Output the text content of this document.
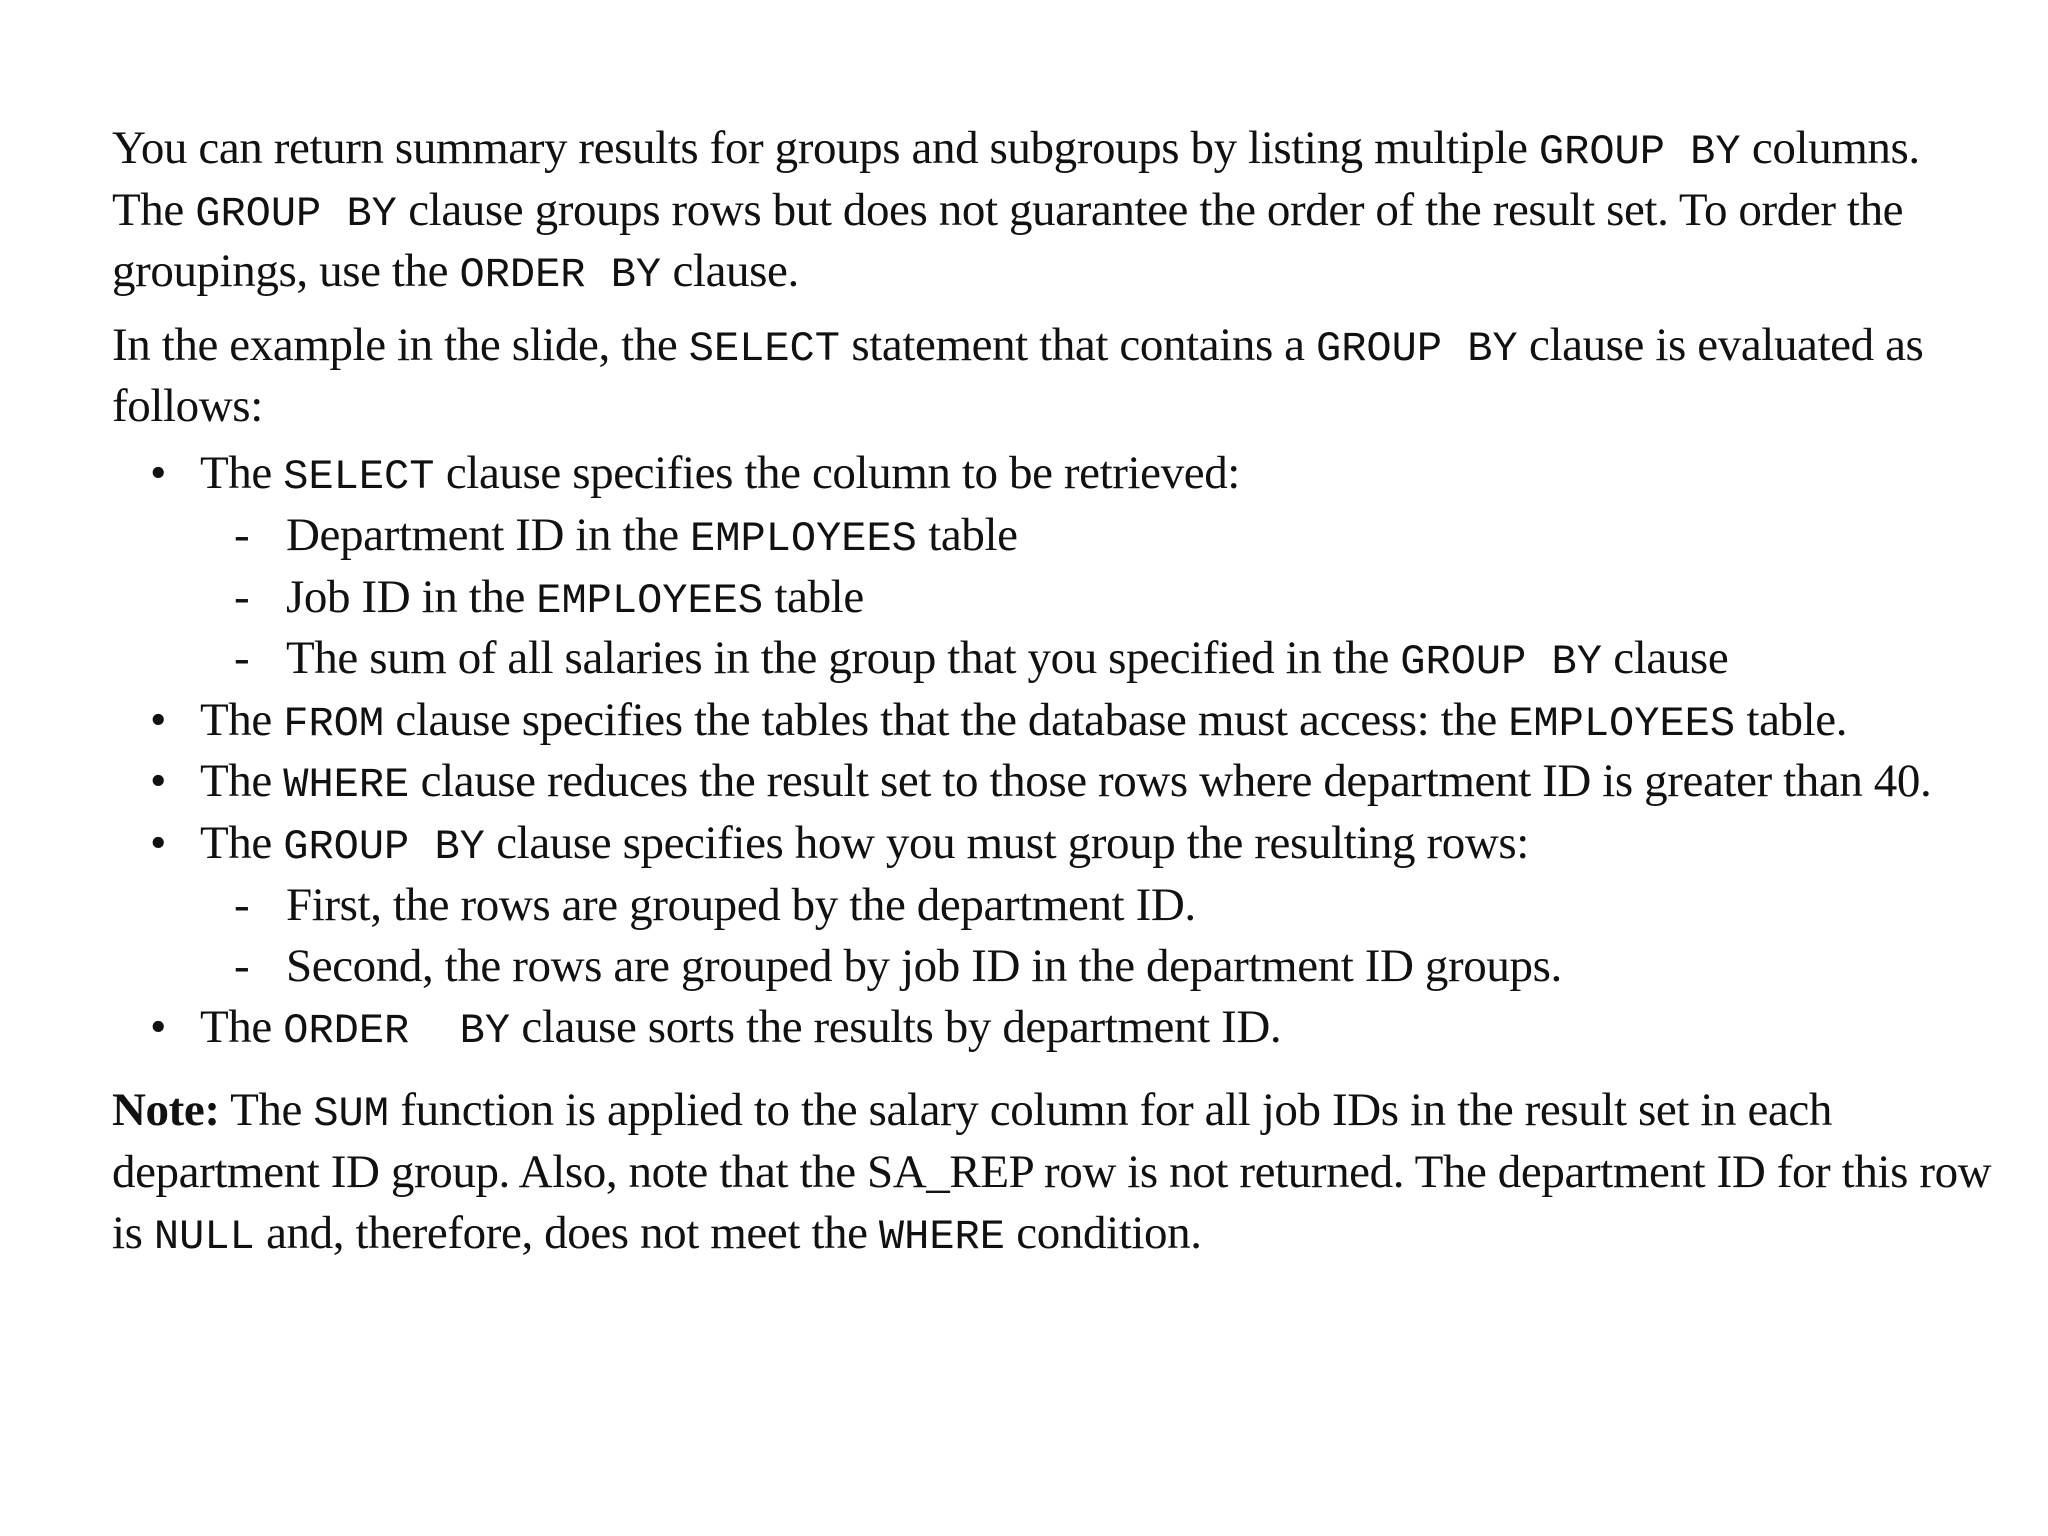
You can return summary results for groups and subgroups by listing multiple GROUP BY columns. The GROUP BY clause groups rows but does not guarantee the order of the result set. To order the groupings, use the ORDER BY clause.

In the example in the slide, the SELECT statement that contains a GROUP BY clause is evaluated as follows:

• The SELECT clause specifies the column to be retrieved:

- Department ID in the EMPLOYEES table

- Job ID in the EMPLOYEES table

- The sum of all salaries in the group that you specified in the GROUP BY clause

• The FROM clause specifies the tables that the database must access: the EMPLOYEES table.

• The WHERE clause reduces the result set to those rows where department ID is greater than 40.

• The GROUP BY clause specifies how you must group the resulting rows:

- First, the rows are grouped by the department ID.

- Second, the rows are grouped by job ID in the department ID groups.

• The ORDER  BY clause sorts the results by department ID.

Note: The SUM function is applied to the salary column for all job IDs in the result set in each department ID group. Also, note that the SA_REP row is not returned. The department ID for this row is NULL and, therefore, does not meet the WHERE condition.
